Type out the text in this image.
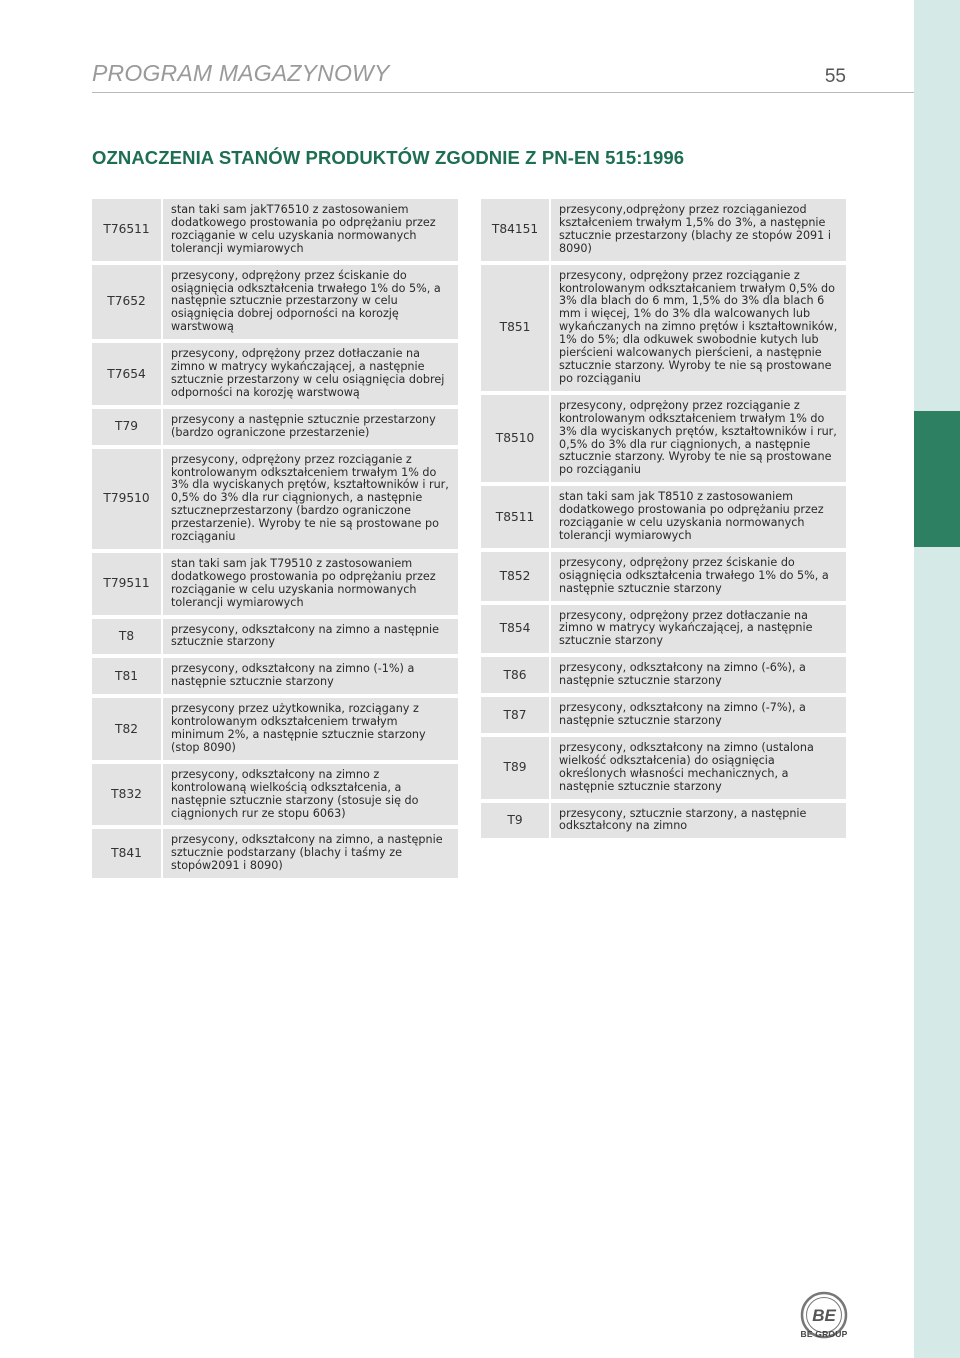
PROGRAM MAGAZYNOWY	55
OZNACZENIA STANÓW PRODUKTÓW ZGODNIE Z PN-EN 515:1996
T76511	stan taki sam jakT76510 z zastosowaniem dodatkowego prostowania po odprężaniu przez rozciąganie w celu uzyskania normowanych tolerancji wymiarowych
T7652	przesycony, odprężony przez ściskanie do osiągnięcia odkształcenia trwałego 1% do 5%, a następnie sztucznie przestarzony w celu osiągnięcia dobrej odporności na korozję warstwową
T7654	przesycony, odprężony przez dotłaczanie na zimno w matrycy wykańczającej, a następnie sztucznie przestarzony w celu osiągnięcia dobrej odporności na korozję warstwową
T79	przesycony a następnie sztucznie przestarzony (bardzo ograniczone przestarzenie)
T79510	przesycony, odprężony przez rozciąganie z kontrolowanym odkształceniem trwałym 1% do 3% dla wyciskanych prętów, kształtowników i rur, 0,5% do 3% dla rur ciągnionych, a następnie sztuczneprzestarzony (bardzo ograniczone przestarzenie). Wyroby te nie są prostowane po rozciąganiu
T79511	stan taki sam jak T79510 z zastosowaniem dodatkowego prostowania po odprężaniu przez rozciąganie w celu uzyskania normowanych tolerancji wymiarowych
T8	przesycony, odkształcony na zimno a następnie sztucznie starzony
T81	przesycony, odkształcony na zimno (-1%) a następnie sztucznie starzony
T82	przesycony przez użytkownika, rozciągany z kontrolowanym odkształceniem trwałym minimum 2%, a następnie sztucznie starzony (stop 8090)
T832	przesycony, odkształcony na zimno z kontrolowaną wielkością odkształcenia, a następnie sztucznie starzony (stosuje się do ciągnionych rur ze stopu 6063)
T841	przesycony, odkształcony na zimno, a następnie sztucznie podstarzany (blachy i taśmy ze stopów2091 i 8090)
T84151	przesycony,odprężony przez rozciąganiezod kształceniem trwałym 1,5% do 3%, a następnie sztucznie przestarzony (blachy ze stopów 2091 i 8090)
T851	przesycony, odprężony przez rozciąganie z kontrolowanym odkształcaniem trwałym 0,5% do 3% dla blach do 6 mm, 1,5% do 3% dla blach 6 mm i więcej, 1% do 3% dla walcowanych lub wykańczanych na zimno prętów i kształtowników, 1% do 5%; dla odkuwek swobodnie kutych lub pierścieni walcowanych pierścieni, a następnie sztucznie starzony. Wyroby te nie są prostowane po rozciąganiu
T8510	przesycony, odprężony przez rozciąganie z kontrolowanym odkształceniem trwałym 1% do 3% dla wyciskanych prętów, kształtowników i rur, 0,5% do 3% dla rur ciągnionych, a następnie sztucznie starzony. Wyroby te nie są prostowane po rozciąganiu
T8511	stan taki sam jak T8510 z zastosowaniem dodatkowego prostowania po odprężaniu przez rozciąganie w celu uzyskania normowanych tolerancji wymiarowych
T852	przesycony, odprężony przez ściskanie do osiągnięcia odkształcenia trwałego 1% do 5%, a następnie sztucznie starzony
T854	przesycony, odprężony przez dotłaczanie na zimno w matrycy wykańczającej, a następnie sztucznie starzony
T86	przesycony, odkształcony na zimno (-6%), a następnie sztucznie starzony
T87	przesycony, odkształcony na zimno (-7%), a następnie sztucznie starzony
T89	przesycony, odkształcony na zimno (ustalona wielkość odkształcenia) do osiągnięcia określonych własności mechanicznych, a następnie sztucznie starzony
T9	przesycony, sztucznie starzony, a następnie odkształcony na zimno
BE
BE GROUP
